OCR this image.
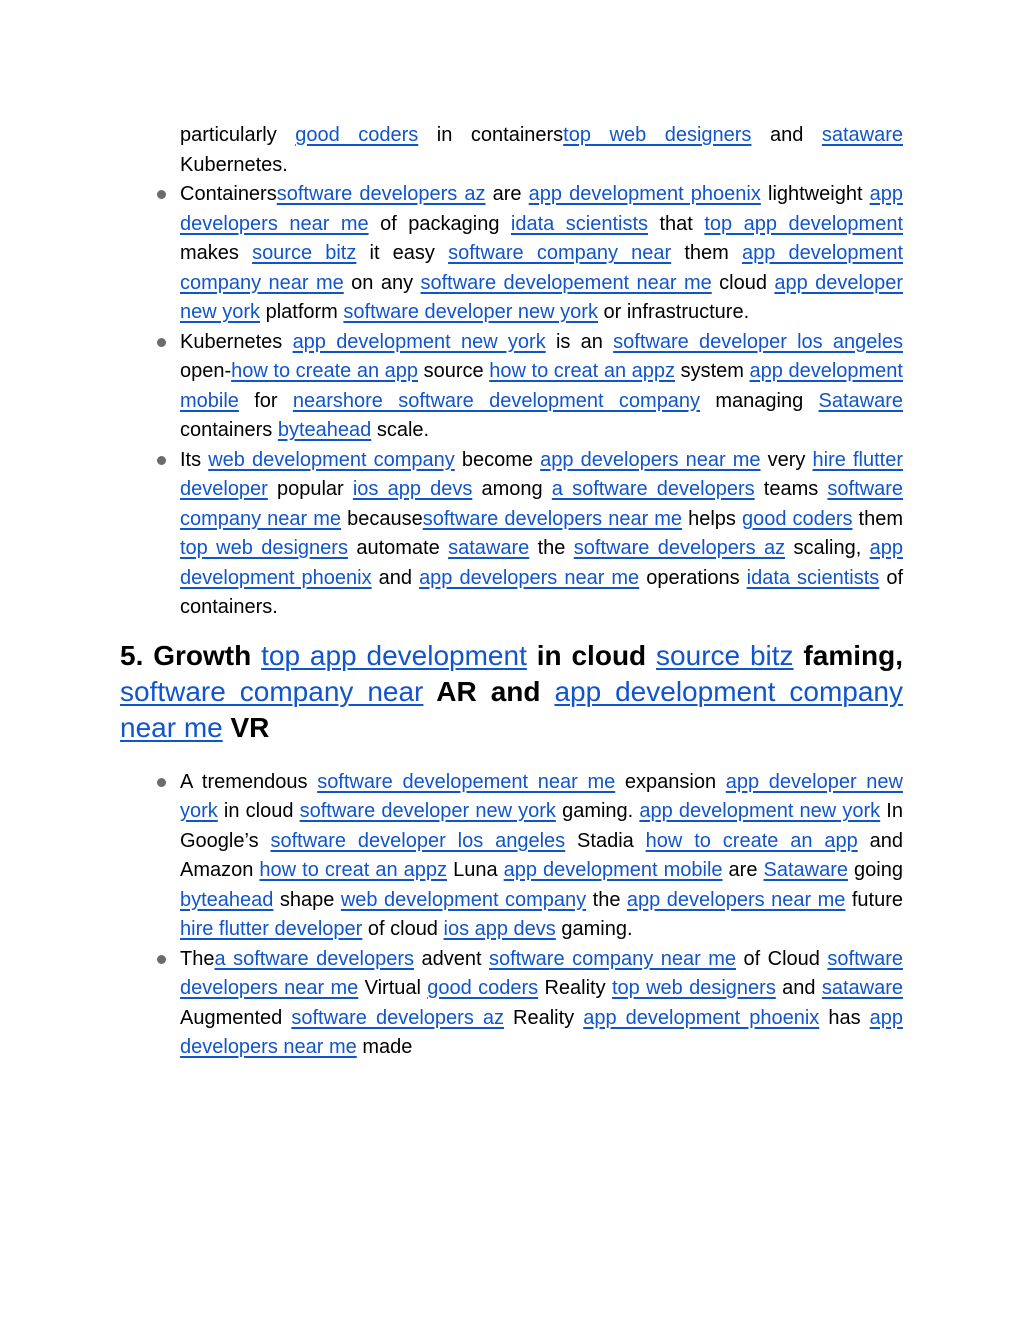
particularly good coders in containerstop web designers and sataware Kubernetes.

Containerssoftware developers az are app development phoenix lightweight app developers near me of packaging idata scientists that top app development makes source bitz it easy software company near them app development company near me on any software developement near me cloud app developer new york platform software developer new york or infrastructure.
Kubernetes app development new york is an software developer los angeles open-how to create an app source how to creat an appz system app development mobile for nearshore software development company managing Sataware containers byteahead scale.
Its web development company become app developers near me very hire flutter developer popular ios app devs among a software developers teams software company near me becausesoftware developers near me helps good coders them top web designers automate sataware the software developers az scaling, app development phoenix and app developers near me operations idata scientists of containers.
5. Growth top app development in cloud source bitz faming, software company near AR and app development company near me VR
A tremendous software developement near me expansion app developer new york in cloud software developer new york gaming. app development new york In Google’s software developer los angeles Stadia how to create an app and Amazon how to creat an appz Luna app development mobile are Sataware going byteahead shape web development company the app developers near me future hire flutter developer of cloud ios app devs gaming.
Thea software developers advent software company near me of Cloud software developers near me Virtual good coders Reality top web designers and sataware Augmented software developers az Reality app development phoenix has app developers near me made
